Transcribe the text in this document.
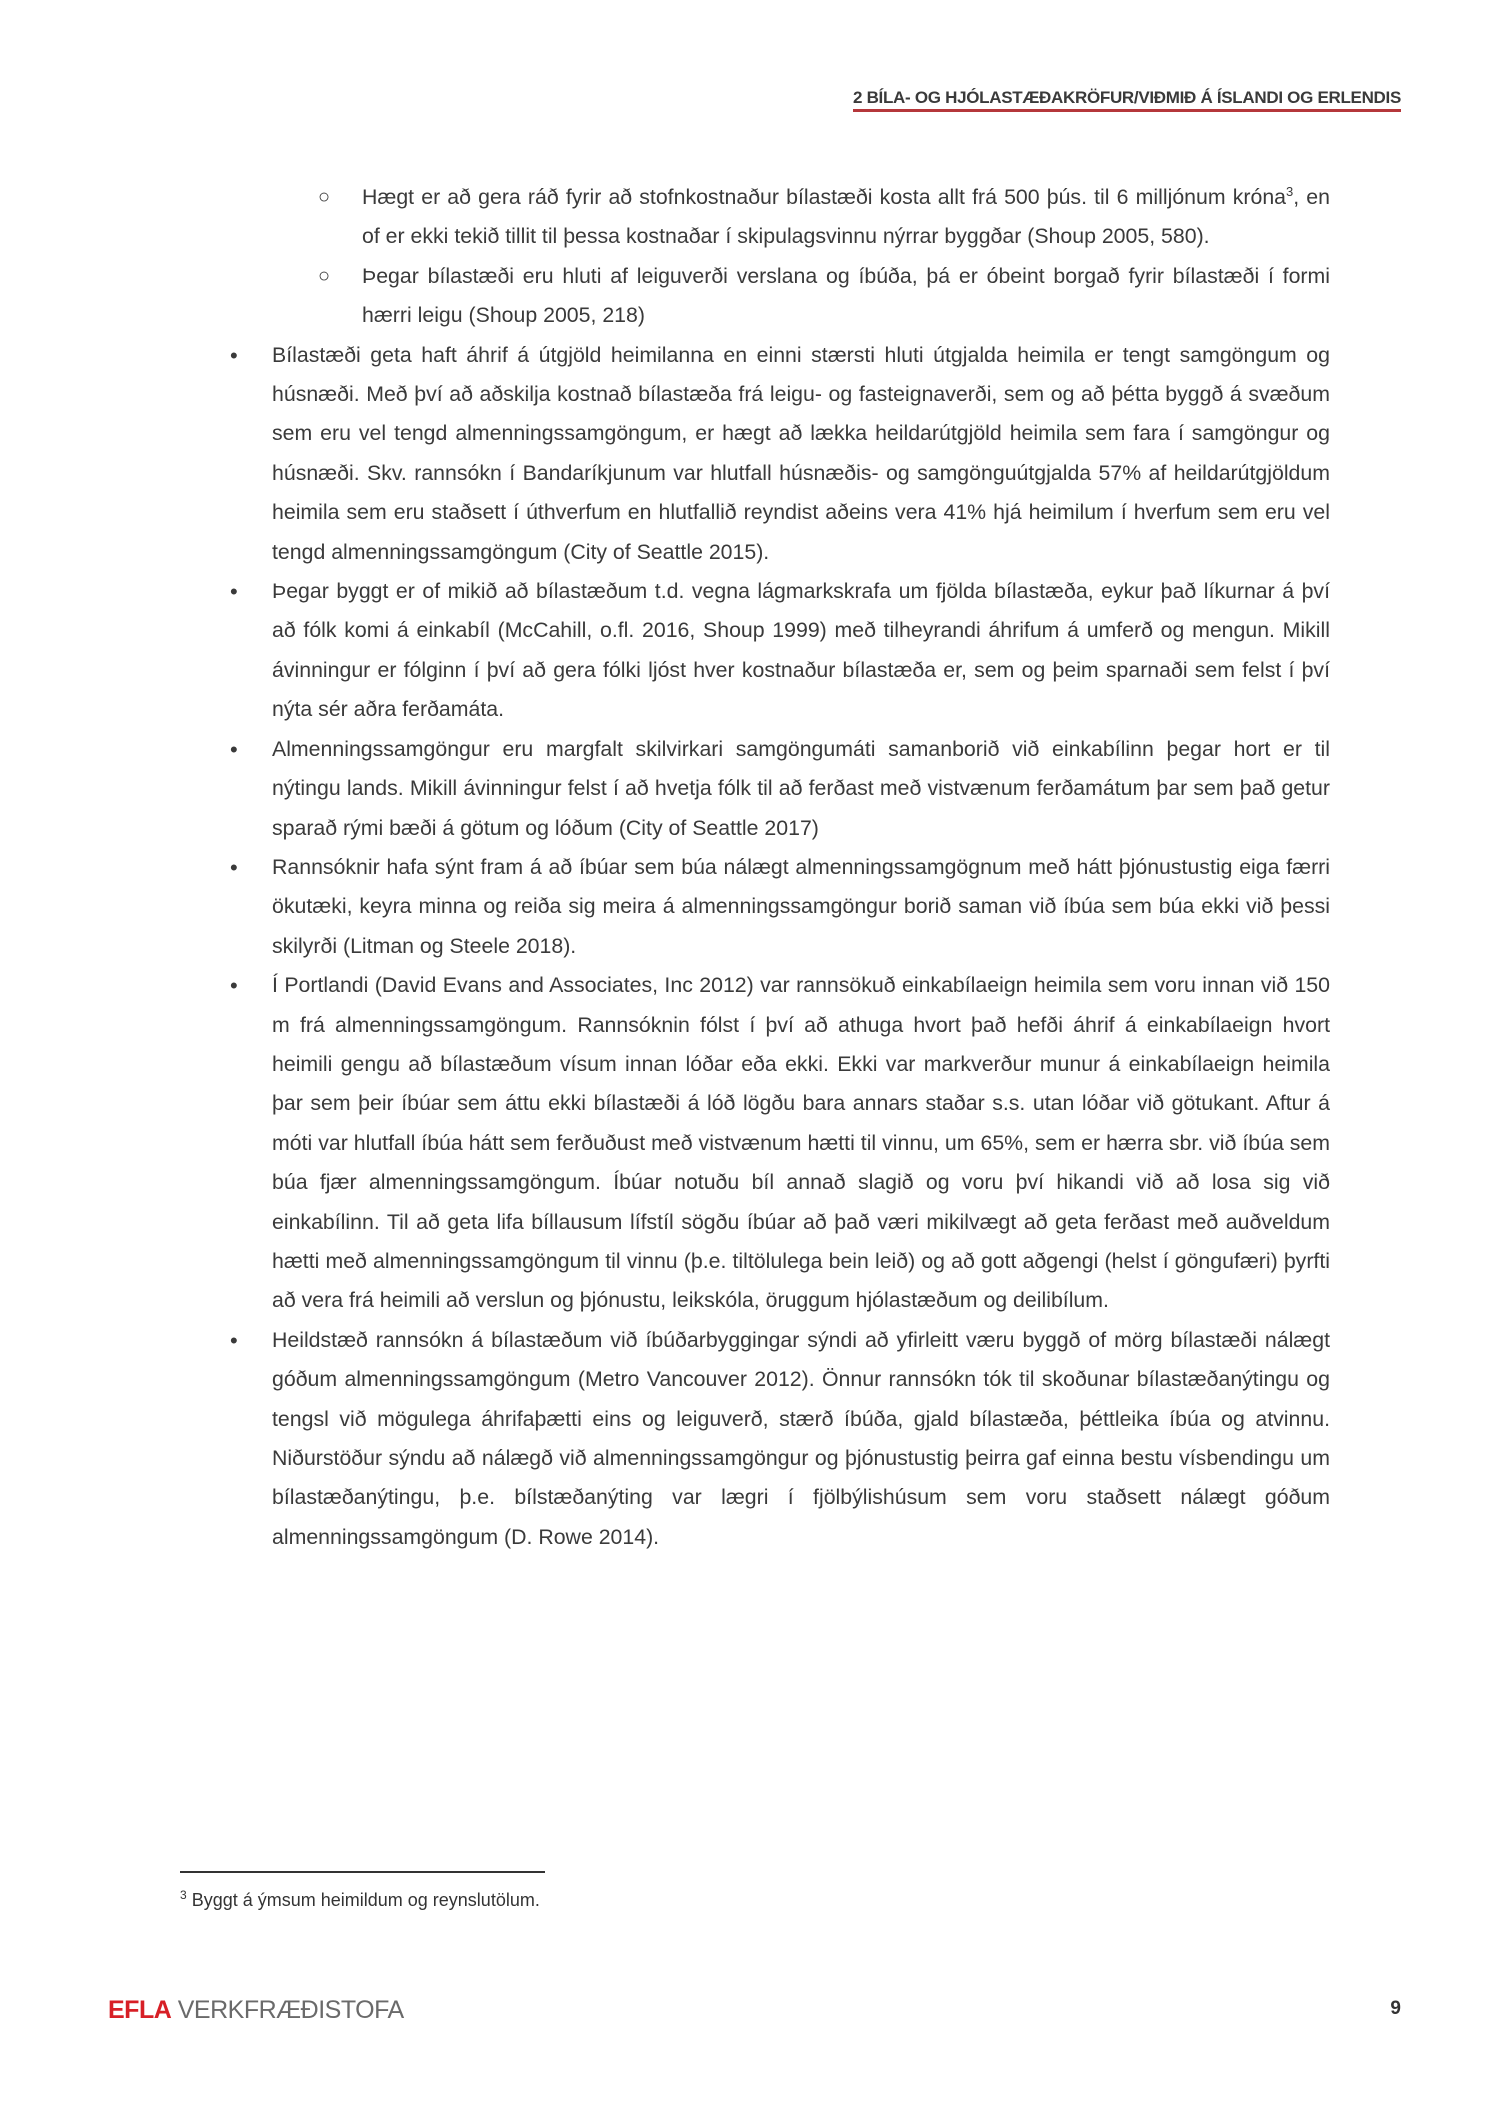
2 BÍLA- OG HJÓLASTÆÐAKRÖFUR/VIÐMIÐ Á ÍSLANDI OG ERLENDIS

○ Hægt er að gera ráð fyrir að stofnkostnaður bílastæði kosta allt frá 500 þús. til 6 milljónum króna$^3$, en of er ekki tekið tillit til þessa kostnaðar í skipulagsvinnu nýrrar byggðar (Shoup 2005, 580).

○ Þegar bílastæði eru hluti af leiguverði verslana og íbúða, þá er óbeint borgað fyrir bílastæði í formi hærri leigu (Shoup 2005, 218)

• Bílastæði geta haft áhrif á útgjöld heimilanna en einni stærsti hluti útgjalda heimila er tengt samgöngum og húsnæði. Með því að aðskilja kostnað bílastæða frá leigu- og fasteignaverði, sem og að þétta byggð á svæðum sem eru vel tengd almenningssamgöngum, er hægt að lækka heildarútgjöld heimila sem fara í samgöngur og húsnæði. Skv. rannsókn í Bandaríkjunum var hlutfall húsnæðis- og samgönguútgjalda 57% af heildarútgjöldum heimila sem eru staðsett í úthverfum en hlutfallið reyndist aðeins vera 41% hjá heimilum í hverfum sem eru vel tengd almenningssamgöngum (City of Seattle 2015).

• Þegar byggt er of mikið að bílastæðum t.d. vegna lágmarkskrafa um fjölda bílastæða, eykur það líkurnar á því að fólk komi á einkabíl (McCahill, o.fl. 2016, Shoup 1999) með tilheyrandi áhrifum á umferð og mengun. Mikill ávinningur er fólginn í því að gera fólki ljóst hver kostnaður bílastæða er, sem og þeim sparnaði sem felst í því nýta sér aðra ferðamáta.

• Almenningssamgöngur eru margfalt skilvirkari samgöngumáti samanborið við einkabílinn þegar hort er til nýtingu lands. Mikill ávinningur felst í að hvetja fólk til að ferðast með vistvænum ferðamátum þar sem það getur sparað rými bæði á götum og lóðum (City of Seattle 2017)

• Rannsóknir hafa sýnt fram á að íbúar sem búa nálægt almenningssamgögnum með hátt þjónustustig eiga færri ökutæki, keyra minna og reiða sig meira á almenningssamgöngur borið saman við íbúa sem búa ekki við þessi skilyrði (Litman og Steele 2018).

• Í Portlandi (David Evans and Associates, Inc 2012) var rannsökuð einkabílaeign heimila sem voru innan við 150 m frá almenningssamgöngum. Rannsóknin fólst í því að athuga hvort það hefði áhrif á einkabílaeign hvort heimili gengu að bílastæðum vísum innan lóðar eða ekki. Ekki var markverður munur á einkabílaeign heimila þar sem þeir íbúar sem áttu ekki bílastæði á lóð lögðu bara annars staðar s.s. utan lóðar við götukant. Aftur á móti var hlutfall íbúa hátt sem ferðuðust með vistvænum hætti til vinnu, um 65%, sem er hærra sbr. við íbúa sem búa fjær almenningssamgöngum. Íbúar notuðu bíl annað slagið og voru því hikandi við að losa sig við einkabílinn. Til að geta lifa bíllausum lífstíl sögðu íbúar að það væri mikilvægt að geta ferðast með auðveldum hætti með almenningssamgöngum til vinnu (þ.e. tiltölulega bein leið) og að gott aðgengi (helst í göngufæri) þyrfti að vera frá heimili að verslun og þjónustu, leikskóla, öruggum hjólastæðum og deilibílum.

• Heildstæð rannsókn á bílastæðum við íbúðarbyggingar sýndi að yfirleitt væru byggð of mörg bílastæði nálægt góðum almenningssamgöngum (Metro Vancouver 2012). Önnur rannsókn tók til skoðunar bílastæðanýtingu og tengsl við mögulega áhrifaþætti eins og leiguverð, stærð íbúða, gjald bílastæða, þéttleika íbúa og atvinnu. Niðurstöður sýndu að nálægð við almenningssamgöngur og þjónustustig þeirra gaf einna bestu vísbendingu um bílastæðanýtingu, þ.e. bílstæðanýting var lægri í fjölbýlishúsum sem voru staðsett nálægt góðum almenningssamgöngum (D. Rowe 2014).

$^3$ Byggt á ýmsum heimildum og reynslutölum.
EFLA VERKFRÆÐISTOFA	9
